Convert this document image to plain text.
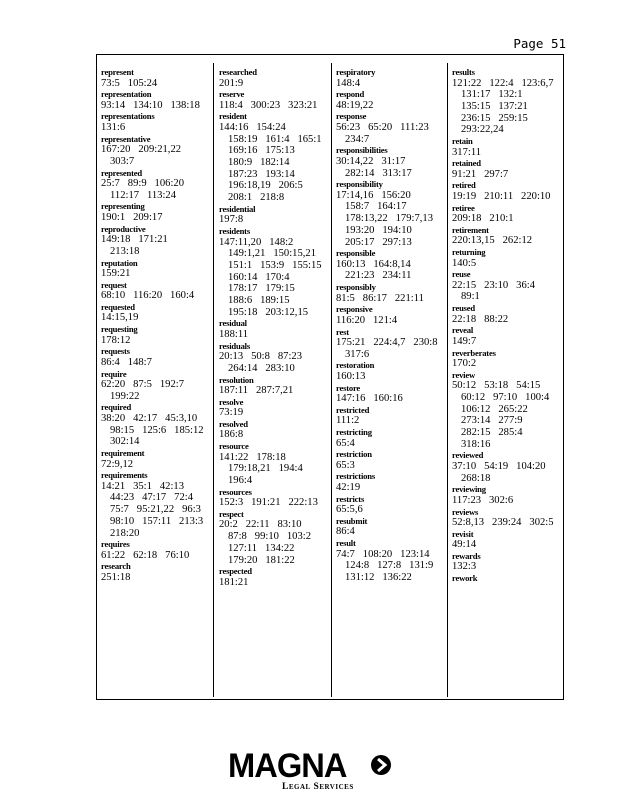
Page 51
represent
73:5   105:24
representation
93:14   134:10   138:18
representations
131:6
representative
167:20   209:21,22
303:7
represented
25:7   89:9   106:20
112:17   113:24
representing
190:1   209:17
reproductive
149:18   171:21
213:18
reputation
159:21
request
68:10   116:20   160:4
requested
14:15,19
requesting
178:12
requests
86:4   148:7
require
62:20   87:5   192:7
199:22
required
38:20   42:17   45:3,10
98:15   125:6   185:12
302:14
requirement
72:9,12
requirements
14:21   35:1   42:13
44:23   47:17   72:4
75:7   95:21,22   96:3
98:10   157:11   213:3
218:20
requires
61:22   62:18   76:10
research
251:18
researched
201:9
reserve
118:4   300:23   323:21
resident
144:16   154:24
158:19   161:4   165:1
169:16   175:13
180:9   182:14
187:23   193:14
196:18,19   206:5
208:1   218:8
residential
197:8
residents
147:11,20   148:2
149:1,21   150:15,21
151:1   153:9   155:15
160:14   170:4
178:17   179:15
188:6   189:15
195:18   203:12,15
residual
188:11
residuals
20:13   50:8   87:23
264:14   283:10
resolution
187:11   287:7,21
resolve
73:19
resolved
186:8
resource
141:22   178:18
179:18,21   194:4
196:4
resources
152:3   191:21   222:13
respect
20:2   22:11   83:10
87:8   99:10   103:2
127:11   134:22
179:20   181:22
respected
181:21
respiratory
148:4
respond
48:19,22
response
56:23   65:20   111:23
234:7
responsibilities
30:14,22   31:17
282:14   313:17
responsibility
17:14,16   156:20
158:7   164:17
178:13,22   179:7,13
193:20   194:10
205:17   297:13
responsible
160:13   164:8,14
221:23   234:11
responsibly
81:5   86:17   221:11
responsive
116:20   121:4
rest
175:21   224:4,7   230:8
317:6
restoration
160:13
restore
147:16   160:16
restricted
111:2
restricting
65:4
restriction
65:3
restrictions
42:19
restricts
65:5,6
resubmit
86:4
result
74:7   108:20   123:14
124:8   127:8   131:9
131:12   136:22
results
121:22   122:4   123:6,7
131:17   132:1
135:15   137:21
236:15   259:15
293:22,24
retain
317:11
retained
91:21   297:7
retired
19:19   210:11   220:10
retiree
209:18   210:1
retirement
220:13,15   262:12
returning
140:5
reuse
22:15   23:10   36:4
89:1
reused
22:18   88:22
reveal
149:7
reverberates
170:2
review
50:12   53:18   54:15
60:12   97:10   100:4
106:12   265:22
273:14   277:9
282:15   285:4
318:16
reviewed
37:10   54:19   104:20
268:18
reviewing
117:23   302:6
reviews
52:8,13   239:24   302:5
revisit
49:14
rewards
132:3
rework
MAGNA
Legal Services
